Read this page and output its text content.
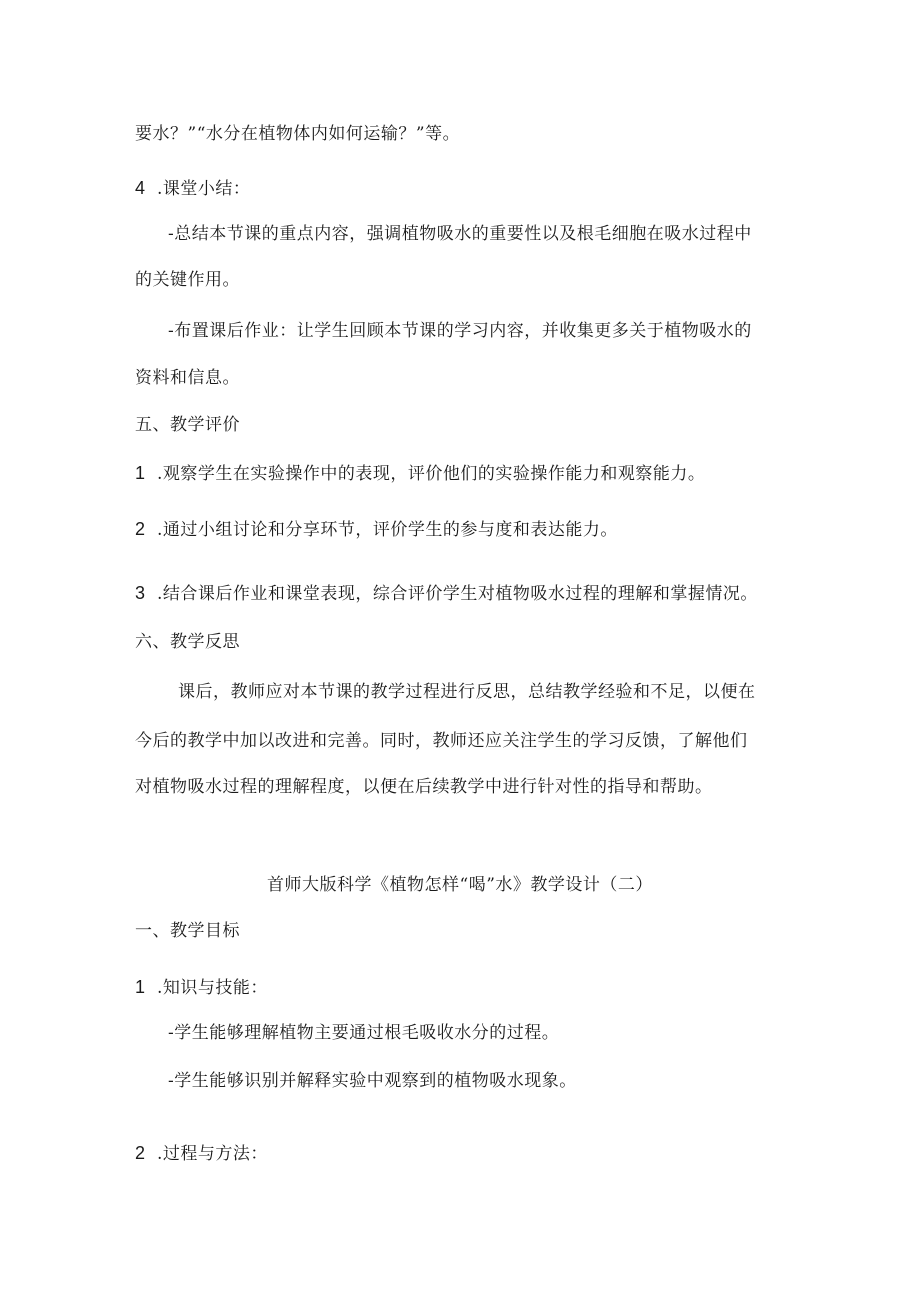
要水？”“水分在植物体内如何运输？”等。
4 .课堂小结：
-总结本节课的重点内容，强调植物吸水的重要性以及根毛细胞在吸水过程中
的关键作用。
-布置课后作业：让学生回顾本节课的学习内容，并收集更多关于植物吸水的
资料和信息。
五、教学评价
1 .观察学生在实验操作中的表现，评价他们的实验操作能力和观察能力。
2 .通过小组讨论和分享环节，评价学生的参与度和表达能力。
3 .结合课后作业和课堂表现，综合评价学生对植物吸水过程的理解和掌握情况。
六、教学反思
课后，教师应对本节课的教学过程进行反思，总结教学经验和不足，以便在
今后的教学中加以改进和完善。同时，教师还应关注学生的学习反馈，了解他们
对植物吸水过程的理解程度，以便在后续教学中进行针对性的指导和帮助。
首师大版科学《植物怎样“喝”水》教学设计（二）
一、教学目标
1 .知识与技能：
-学生能够理解植物主要通过根毛吸收水分的过程。
-学生能够识别并解释实验中观察到的植物吸水现象。
2 .过程与方法：
